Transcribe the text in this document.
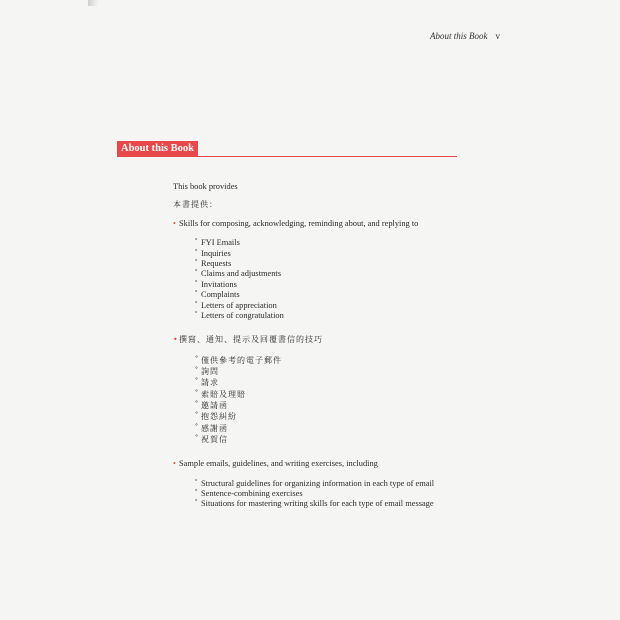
About this Book v
About this Book

This book provides

本書提供：

• Skills for composing, acknowledging, reminding about, and replying to
° FYI Emails
° Inquiries
° Requests
° Claims and adjustments
° Invitations
° Complaints
° Letters of appreciation
° Letters of congratulation
• 撰寫、通知、提示及回覆書信的技巧
° 僅供參考的電子郵件
° 詢問
° 請求
° 索賠及理賠
° 邀請函
° 抱怨糾紛
° 感謝函
° 祝賀信
• Sample emails, guidelines, and writing exercises, including
° Structural guidelines for organizing information in each type of email
° Sentence-combining exercises
° Situations for mastering writing skills for each type of email message
